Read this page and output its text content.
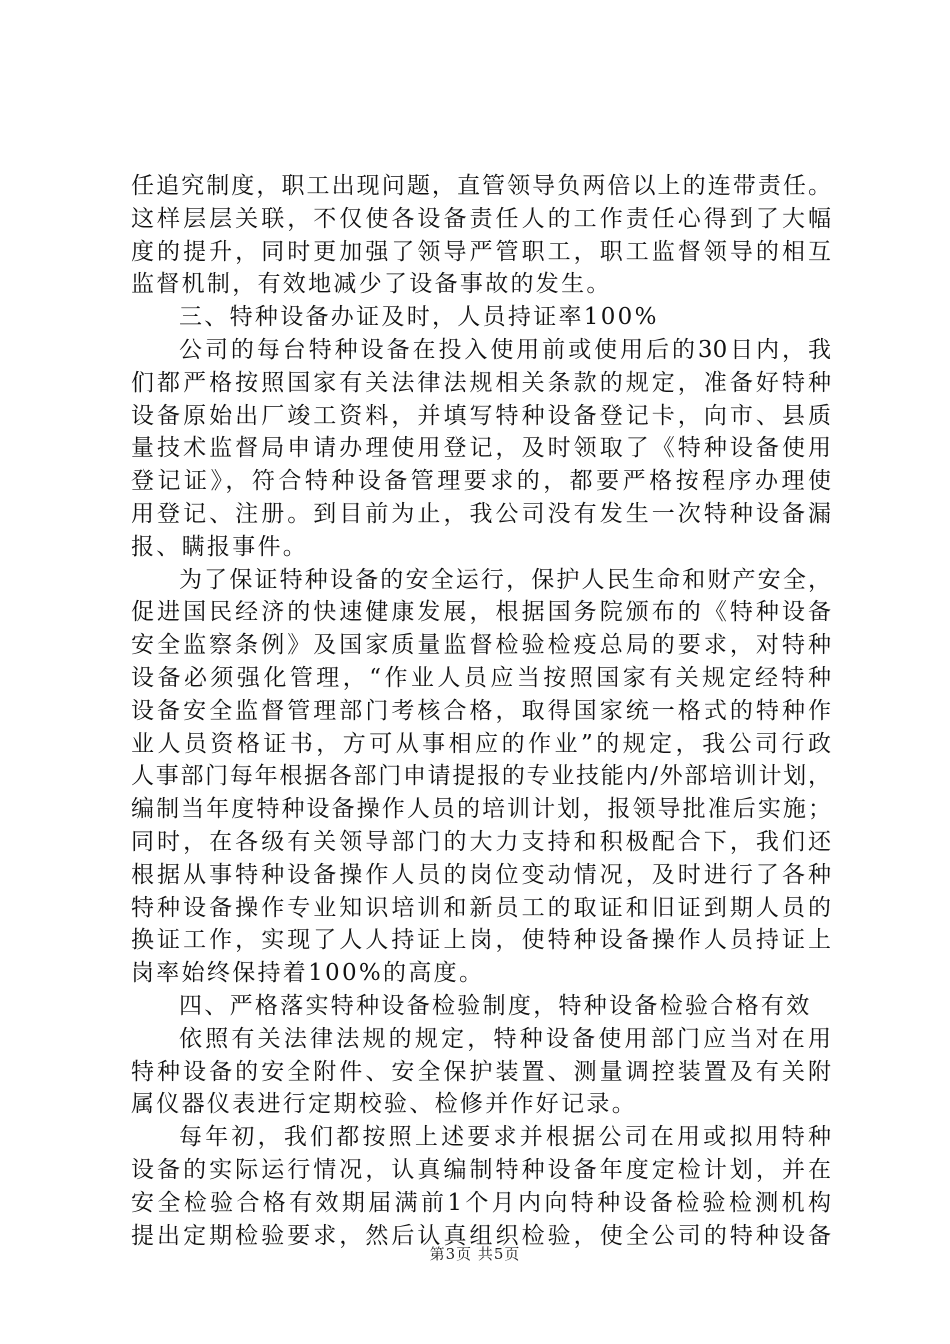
任追究制度，职工出现问题，直管领导负两倍以上的连带责任。
这样层层关联，不仅使各设备责任人的工作责任心得到了大幅
度的提升，同时更加强了领导严管职工，职工监督领导的相互
监督机制，有效地减少了设备事故的发生。
三、特种设备办证及时，人员持证率100%
公司的每台特种设备在投入使用前或使用后的30日内，我
们都严格按照国家有关法律法规相关条款的规定，准备好特种
设备原始出厂竣工资料，并填写特种设备登记卡，向市、县质
量技术监督局申请办理使用登记，及时领取了《特种设备使用
登记证》，符合特种设备管理要求的，都要严格按程序办理使
用登记、注册。到目前为止，我公司没有发生一次特种设备漏
报、瞒报事件。
为了保证特种设备的安全运行，保护人民生命和财产安全，
促进国民经济的快速健康发展，根据国务院颁布的《特种设备
安全监察条例》及国家质量监督检验检疫总局的要求，对特种
设备必须强化管理，“作业人员应当按照国家有关规定经特种
设备安全监督管理部门考核合格，取得国家统一格式的特种作
业人员资格证书，方可从事相应的作业”的规定，我公司行政
人事部门每年根据各部门申请提报的专业技能内/外部培训计划，
编制当年度特种设备操作人员的培训计划，报领导批准后实施；
同时，在各级有关领导部门的大力支持和积极配合下，我们还
根据从事特种设备操作人员的岗位变动情况，及时进行了各种
特种设备操作专业知识培训和新员工的取证和旧证到期人员的
换证工作，实现了人人持证上岗，使特种设备操作人员持证上
岗率始终保持着100%的高度。
四、严格落实特种设备检验制度，特种设备检验合格有效
依照有关法律法规的规定，特种设备使用部门应当对在用
特种设备的安全附件、安全保护装置、测量调控装置及有关附
属仪器仪表进行定期校验、检修并作好记录。
每年初，我们都按照上述要求并根据公司在用或拟用特种
设备的实际运行情况，认真编制特种设备年度定检计划，并在
安全检验合格有效期届满前1个月内向特种设备检验检测机构
提出定期检验要求，然后认真组织检验，使全公司的特种设备
第3页 共5页
